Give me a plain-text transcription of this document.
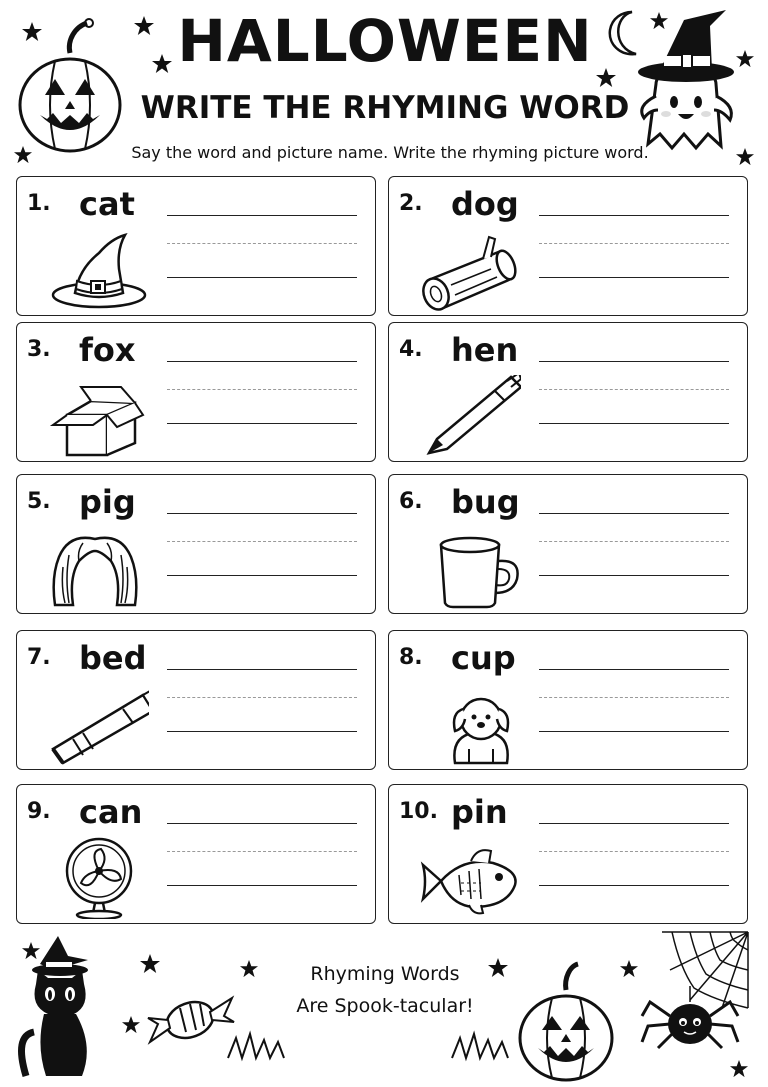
HALLOWEEN
WRITE THE RHYMING WORD
Say the word and picture name. Write the rhyming picture word.
1. cat	2. dog
3. fox	4. hen
5. pig	6. bug
7. bed	8. cup
9. can	10. pin
Rhyming Words
Are Spook-tacular!
